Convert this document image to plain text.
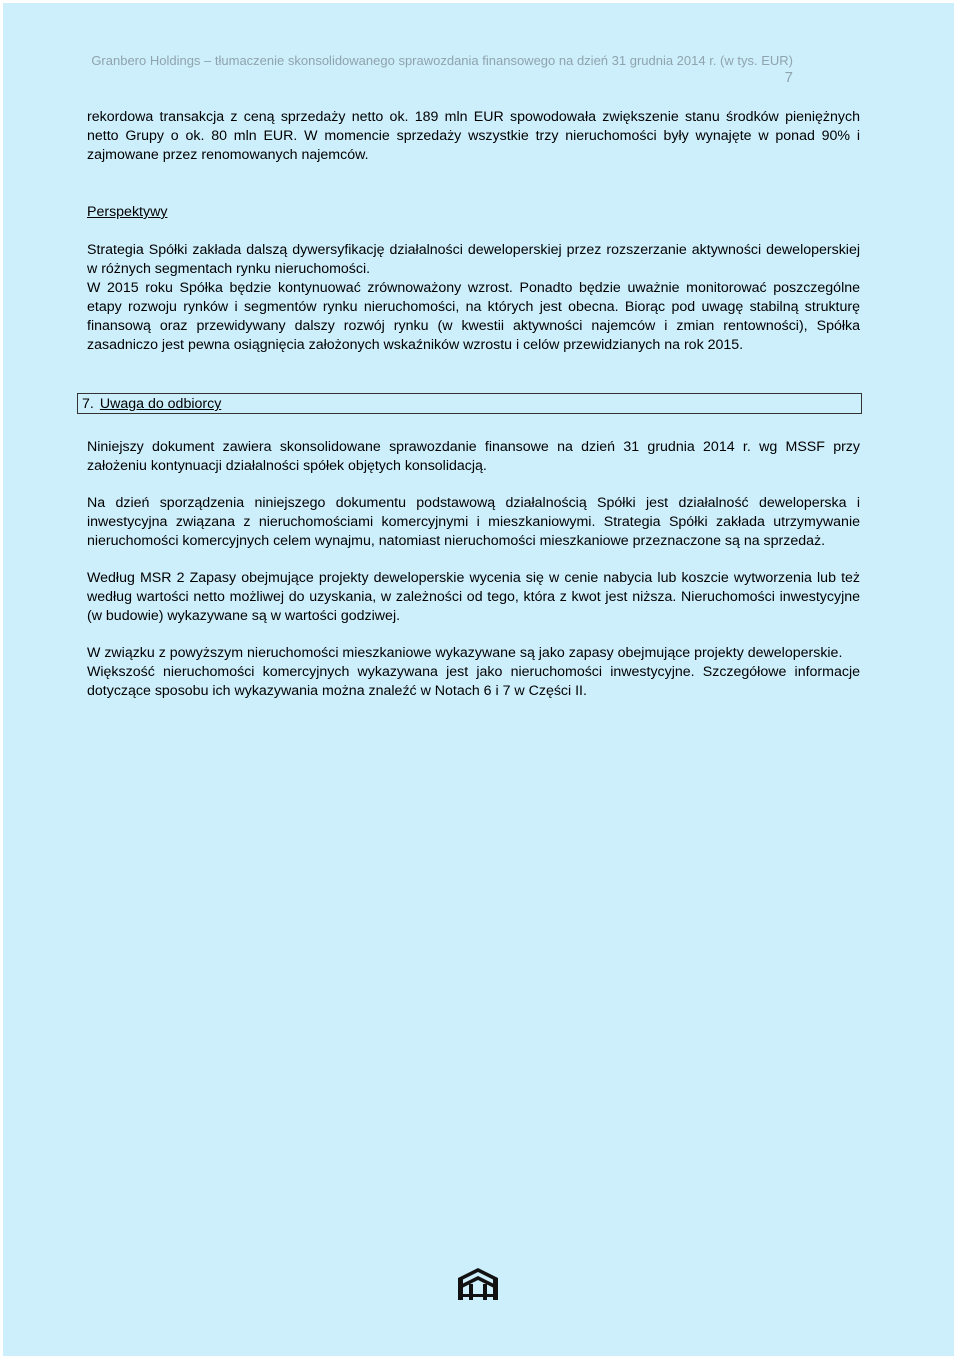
Granbero Holdings – tłumaczenie skonsolidowanego sprawozdania finansowego na dzień 31 grudnia 2014 r. (w tys. EUR)
7

rekordowa transakcja z ceną sprzedaży netto ok. 189 mln EUR spowodowała zwiększenie stanu środków pieniężnych netto Grupy o ok. 80 mln EUR. W momencie sprzedaży wszystkie trzy nieruchomości były wynajęte w ponad 90% i zajmowane przez renomowanych najemców.

Perspektywy

Strategia Spółki zakłada dalszą dywersyfikację działalności deweloperskiej przez rozszerzanie aktywności deweloperskiej w różnych segmentach rynku nieruchomości.

W 2015 roku Spółka będzie kontynuować zrównoważony wzrost. Ponadto będzie uważnie monitorować poszczególne etapy rozwoju rynków i segmentów rynku nieruchomości, na których jest obecna. Biorąc pod uwagę stabilną strukturę finansową oraz przewidywany dalszy rozwój rynku (w kwestii aktywności najemców i zmian rentowności), Spółka zasadniczo jest pewna osiągnięcia założonych wskaźników wzrostu i celów przewidzianych na rok 2015.

7. Uwaga do odbiorcy

Niniejszy dokument zawiera skonsolidowane sprawozdanie finansowe na dzień 31 grudnia 2014 r. wg MSSF przy założeniu kontynuacji działalności spółek objętych konsolidacją.

Na dzień sporządzenia niniejszego dokumentu podstawową działalnością Spółki jest działalność deweloperska i inwestycyjna związana z nieruchomościami komercyjnymi i mieszkaniowymi. Strategia Spółki zakłada utrzymywanie nieruchomości komercyjnych celem wynajmu, natomiast nieruchomości mieszkaniowe przeznaczone są na sprzedaż.

Według MSR 2 Zapasy obejmujące projekty deweloperskie wycenia się w cenie nabycia lub koszcie wytworzenia lub też według wartości netto możliwej do uzyskania, w zależności od tego, która z kwot jest niższa. Nieruchomości inwestycyjne (w budowie) wykazywane są w wartości godziwej.

W związku z powyższym nieruchomości mieszkaniowe wykazywane są jako zapasy obejmujące projekty deweloperskie.

Większość nieruchomości komercyjnych wykazywana jest jako nieruchomości inwestycyjne. Szczegółowe informacje dotyczące sposobu ich wykazywania można znaleźć w Notach 6 i 7 w Części II.
